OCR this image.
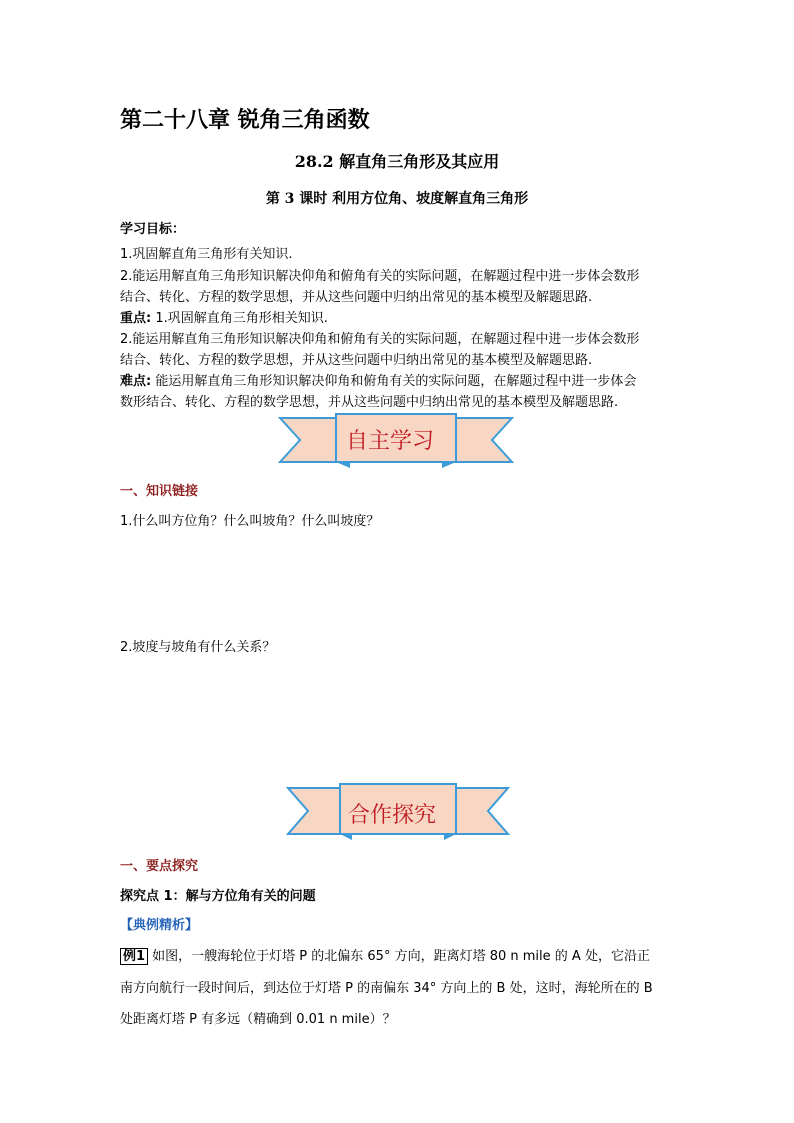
第二十八章 锐角三角函数
28.2 解直角三角形及其应用
第 3 课时 利用方位角、坡度解直角三角形
学习目标：
1.巩固解直角三角形有关知识.
2.能运用解直角三角形知识解决仰角和俯角有关的实际问题，在解题过程中进一步体会数形
结合、转化、方程的数学思想，并从这些问题中归纳出常见的基本模型及解题思路.
重点: 1.巩固解直角三角形相关知识.
2.能运用解直角三角形知识解决仰角和俯角有关的实际问题，在解题过程中进一步体会数形
结合、转化、方程的数学思想，并从这些问题中归纳出常见的基本模型及解题思路.
难点: 能运用解直角三角形知识解决仰角和俯角有关的实际问题，在解题过程中进一步体会
数形结合、转化、方程的数学思想，并从这些问题中归纳出常见的基本模型及解题思路.
自主学习
一、知识链接
1.什么叫方位角？什么叫坡角？什么叫坡度？
2.坡度与坡角有什么关系？
合作探究
一、要点探究
探究点 1：解与方位角有关的问题
【典例精析】
例1 如图，一艘海轮位于灯塔 P 的北偏东 65° 方向，距离灯塔 80 n mile 的 A 处，它沿正
南方向航行一段时间后，到达位于灯塔 P 的南偏东 34° 方向上的 B 处，这时，海轮所在的 B
处距离灯塔 P 有多远（精确到 0.01 n mile）？
